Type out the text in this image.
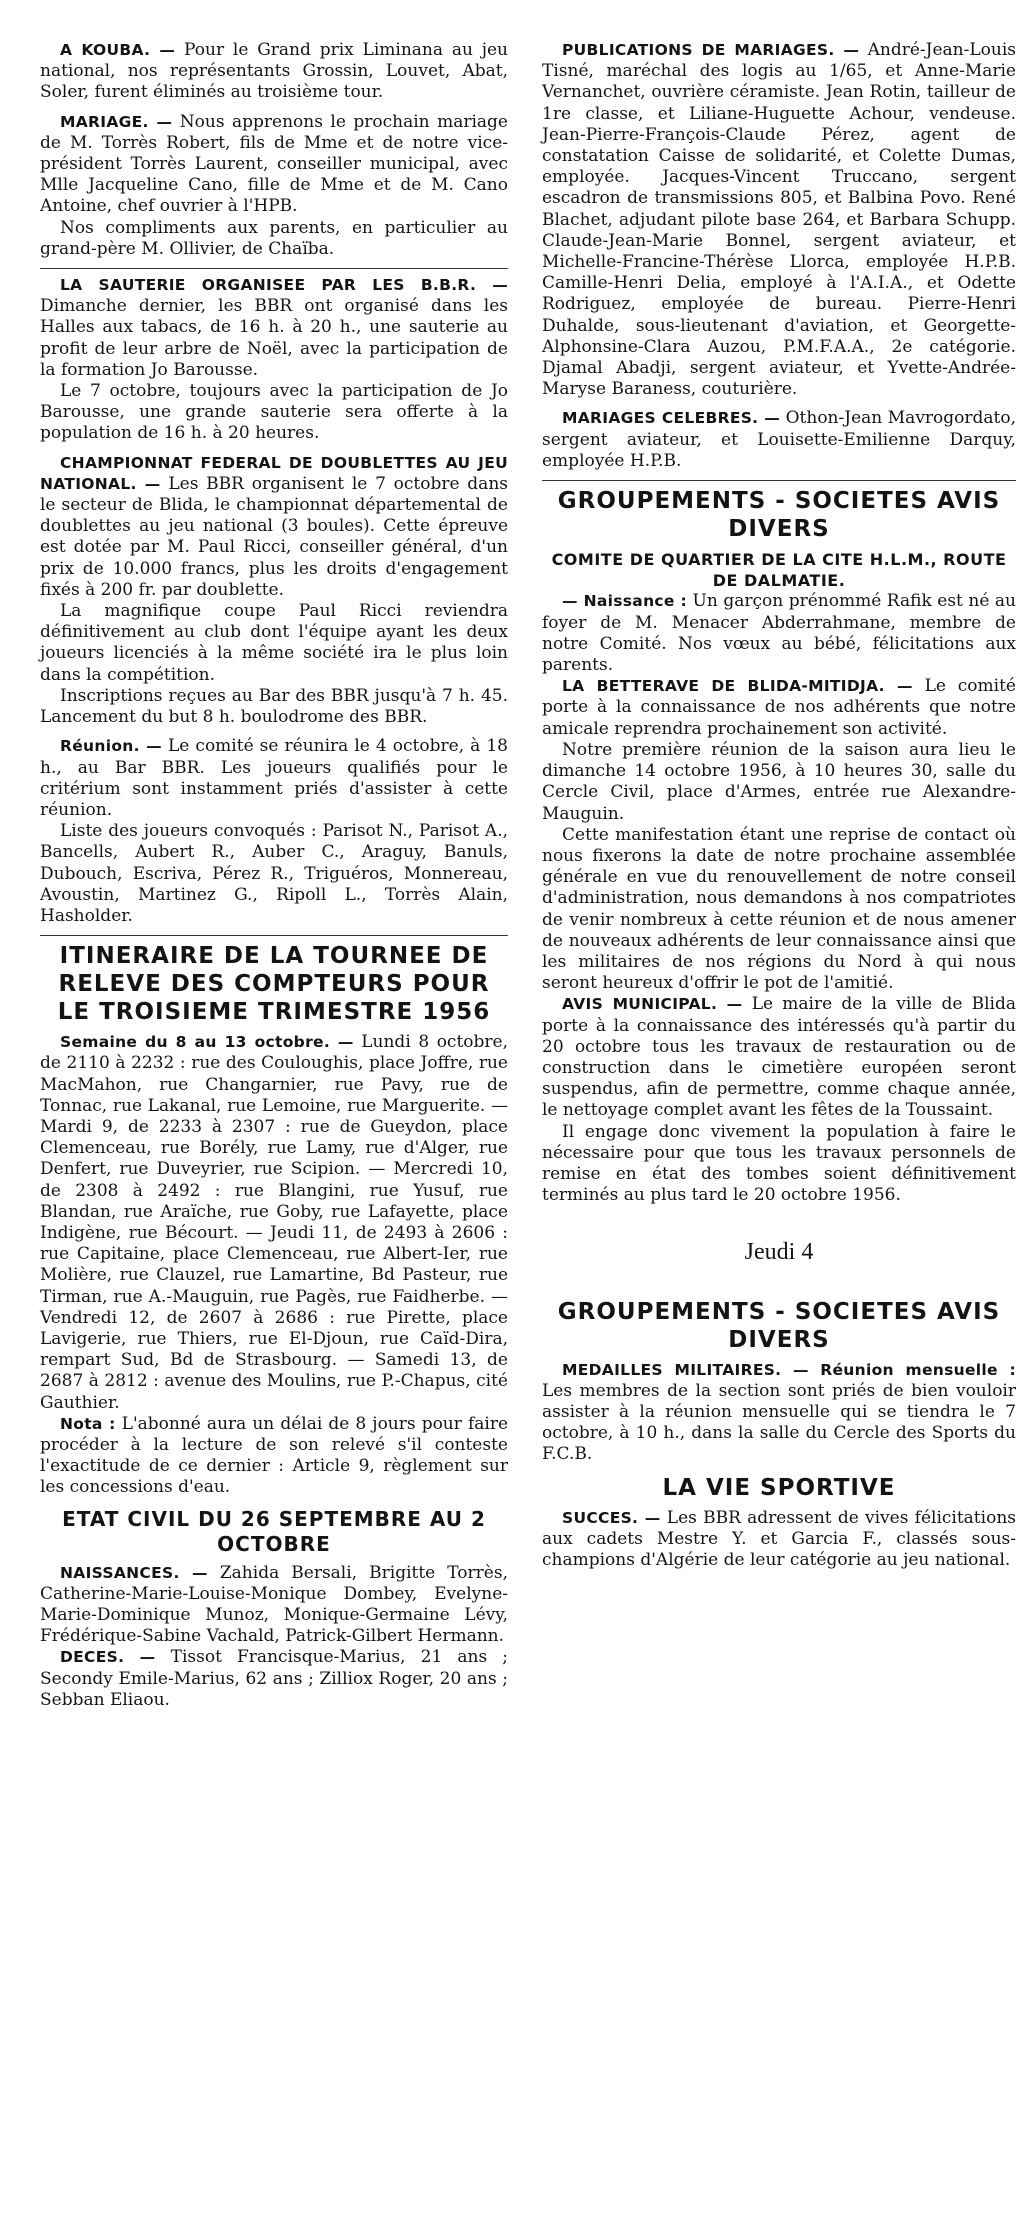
A KOUBA. — Pour le Grand prix Liminana au jeu national, nos représentants Grossin, Louvet, Abat, Soler, furent éliminés au troisième tour.

MARIAGE. — Nous apprenons le prochain mariage de M. Torrès Robert, fils de Mme et de notre vice-président Torrès Laurent, conseiller municipal, avec Mlle Jacqueline Cano, fille de Mme et de M. Cano Antoine, chef ouvrier à l'HPB.

Nos compliments aux parents, en particulier au grand-père M. Ollivier, de Chaïba.

LA SAUTERIE ORGANISEE PAR LES B.B.R. — Dimanche dernier, les BBR ont organisé dans les Halles aux tabacs, de 16 h. à 20 h., une sauterie au profit de leur arbre de Noël, avec la participation de la formation Jo Barousse.

Le 7 octobre, toujours avec la participation de Jo Barousse, une grande sauterie sera offerte à la population de 16 h. à 20 heures.

CHAMPIONNAT FEDERAL DE DOUBLETTES AU JEU NATIONAL. — Les BBR organisent le 7 octobre dans le secteur de Blida, le championnat départemental de doublettes au jeu national (3 boules). Cette épreuve est dotée par M. Paul Ricci, conseiller général, d'un prix de 10.000 francs, plus les droits d'engagement fixés à 200 fr. par doublette.

La magnifique coupe Paul Ricci reviendra définitivement au club dont l'équipe ayant les deux joueurs licenciés à la même société ira le plus loin dans la compétition.

Inscriptions reçues au Bar des BBR jusqu'à 7 h. 45. Lancement du but 8 h. boulodrome des BBR.

Réunion. — Le comité se réunira le 4 octobre, à 18 h., au Bar BBR. Les joueurs qualifiés pour le critérium sont instamment priés d'assister à cette réunion.

Liste des joueurs convoqués : Parisot N., Parisot A., Bancells, Aubert R., Auber C., Araguy, Banuls, Dubouch, Escriva, Pérez R., Triguéros, Monnereau, Avoustin, Martinez G., Ripoll L., Torrès Alain, Hasholder.

ITINERAIRE DE LA TOURNEE DE RELEVE DES COMPTEURS POUR LE TROISIEME TRIMESTRE 1956

Semaine du 8 au 13 octobre. — Lundi 8 octobre, de 2110 à 2232 : rue des Couloughis, place Joffre, rue MacMahon, rue Changarnier, rue Pavy, rue de Tonnac, rue Lakanal, rue Lemoine, rue Marguerite. — Mardi 9, de 2233 à 2307 : rue de Gueydon, place Clemenceau, rue Borély, rue Lamy, rue d'Alger, rue Denfert, rue Duveyrier, rue Scipion. — Mercredi 10, de 2308 à 2492 : rue Blangini, rue Yusuf, rue Blandan, rue Araïche, rue Goby, rue Lafayette, place Indigène, rue Bécourt. — Jeudi 11, de 2493 à 2606 : rue Capitaine, place Clemenceau, rue Albert-Ier, rue Molière, rue Clauzel, rue Lamartine, Bd Pasteur, rue Tirman, rue A.-Mauguin, rue Pagès, rue Faidherbe. — Vendredi 12, de 2607 à 2686 : rue Pirette, place Lavigerie, rue Thiers, rue El-Djoun, rue Caïd-Dira, rempart Sud, Bd de Strasbourg. — Samedi 13, de 2687 à 2812 : avenue des Moulins, rue P.-Chapus, cité Gauthier.

Nota : L'abonné aura un délai de 8 jours pour faire procéder à la lecture de son relevé s'il conteste l'exactitude de ce dernier : Article 9, règlement sur les concessions d'eau.

ETAT CIVIL DU 26 SEPTEMBRE AU 2 OCTOBRE

NAISSANCES. — Zahida Bersali, Brigitte Torrès, Catherine-Marie-Louise-Monique Dombey, Evelyne-Marie-Dominique Munoz, Monique-Germaine Lévy, Frédérique-Sabine Vachald, Patrick-Gilbert Hermann.

DECES. — Tissot Francisque-Marius, 21 ans ; Secondy Emile-Marius, 62 ans ; Zilliox Roger, 20 ans ; Sebban Eliaou.

PUBLICATIONS DE MARIAGES. — André-Jean-Louis Tisné, maréchal des logis au 1/65, et Anne-Marie Vernanchet, ouvrière céramiste. Jean Rotin, tailleur de 1re classe, et Liliane-Huguette Achour, vendeuse. Jean-Pierre-François-Claude Pérez, agent de constatation Caisse de solidarité, et Colette Dumas, employée. Jacques-Vincent Truccano, sergent escadron de transmissions 805, et Balbina Povo. René Blachet, adjudant pilote base 264, et Barbara Schupp. Claude-Jean-Marie Bonnel, sergent aviateur, et Michelle-Francine-Thérèse Llorca, employée H.P.B. Camille-Henri Delia, employé à l'A.I.A., et Odette Rodriguez, employée de bureau. Pierre-Henri Duhalde, sous-lieutenant d'aviation, et Georgette-Alphonsine-Clara Auzou, P.M.F.A.A., 2e catégorie. Djamal Abadji, sergent aviateur, et Yvette-Andrée-Maryse Baraness, couturière.

MARIAGES CELEBRES. — Othon-Jean Mavrogordato, sergent aviateur, et Louisette-Emilienne Darquy, employée H.P.B.

GROUPEMENTS - SOCIETES AVIS DIVERS
COMITE DE QUARTIER DE LA CITE H.L.M., ROUTE DE DALMATIE.

— Naissance : Un garçon prénommé Rafik est né au foyer de M. Menacer Abderrahmane, membre de notre Comité. Nos vœux au bébé, félicitations aux parents.

LA BETTERAVE DE BLIDA-MITIDJA. — Le comité porte à la connaissance de nos adhérents que notre amicale reprendra prochainement son activité.

Notre première réunion de la saison aura lieu le dimanche 14 octobre 1956, à 10 heures 30, salle du Cercle Civil, place d'Armes, entrée rue Alexandre-Mauguin.

Cette manifestation étant une reprise de contact où nous fixerons la date de notre prochaine assemblée générale en vue du renouvellement de notre conseil d'administration, nous demandons à nos compatriotes de venir nombreux à cette réunion et de nous amener de nouveaux adhérents de leur connaissance ainsi que les militaires de nos régions du Nord à qui nous seront heureux d'offrir le pot de l'amitié.

AVIS MUNICIPAL. — Le maire de la ville de Blida porte à la connaissance des intéressés qu'à partir du 20 octobre tous les travaux de restauration ou de construction dans le cimetière européen seront suspendus, afin de permettre, comme chaque année, le nettoyage complet avant les fêtes de la Toussaint.

Il engage donc vivement la population à faire le nécessaire pour que tous les travaux personnels de remise en état des tombes soient définitivement terminés au plus tard le 20 octobre 1956.

Jeudi 4
GROUPEMENTS - SOCIETES AVIS DIVERS

MEDAILLES MILITAIRES. — Réunion mensuelle : Les membres de la section sont priés de bien vouloir assister à la réunion mensuelle qui se tiendra le 7 octobre, à 10 h., dans la salle du Cercle des Sports du F.C.B.

LA VIE SPORTIVE

SUCCES. — Les BBR adressent de vives félicitations aux cadets Mestre Y. et Garcia F., classés sous-champions d'Algérie de leur catégorie au jeu national.
